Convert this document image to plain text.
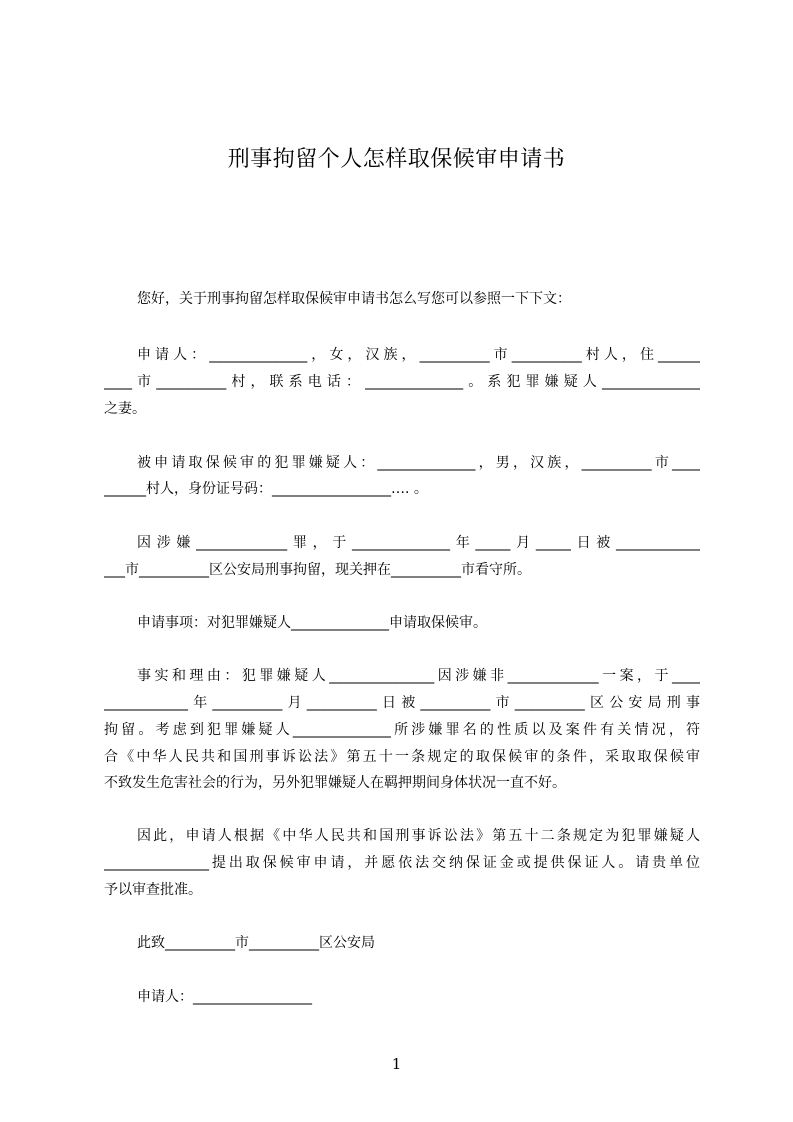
刑事拘留个人怎样取保候审申请书
您好，关于刑事拘留怎样取保候审申请书怎么写您可以参照一下下文：
申请人：______________，女，汉族，__________市__________村人，住______
____市__________村，联系电话：______________。系犯罪嫌疑人______________
之妻。
被申请取保候审的犯罪嫌疑人：______________，男，汉族，__________市____
______村人，身份证号码：_________________…. 。
因涉嫌_____________罪，于______________年_____月_____日被____________
___市__________区公安局刑事拘留，现关押在__________市看守所。
申请事项：对犯罪嫌疑人______________申请取保候审。
事实和理由：犯罪嫌疑人_______________因涉嫌非_____________一案，于____
____________年__________月__________日被__________市__________区公安局刑事
拘留。考虑到犯罪嫌疑人______________所涉嫌罪名的性质以及案件有关情况，符
合《中华人民共和国刑事诉讼法》第五十一条规定的取保候审的条件，采取取保候审
不致发生危害社会的行为，另外犯罪嫌疑人在羁押期间身体状况一直不好。
因此，申请人根据《中华人民共和国刑事诉讼法》第五十二条规定为犯罪嫌疑人
_______________提出取保候审申请，并愿依法交纳保证金或提供保证人。请贵单位
予以审查批准。
此致__________市__________区公安局
申请人：_________________
1
